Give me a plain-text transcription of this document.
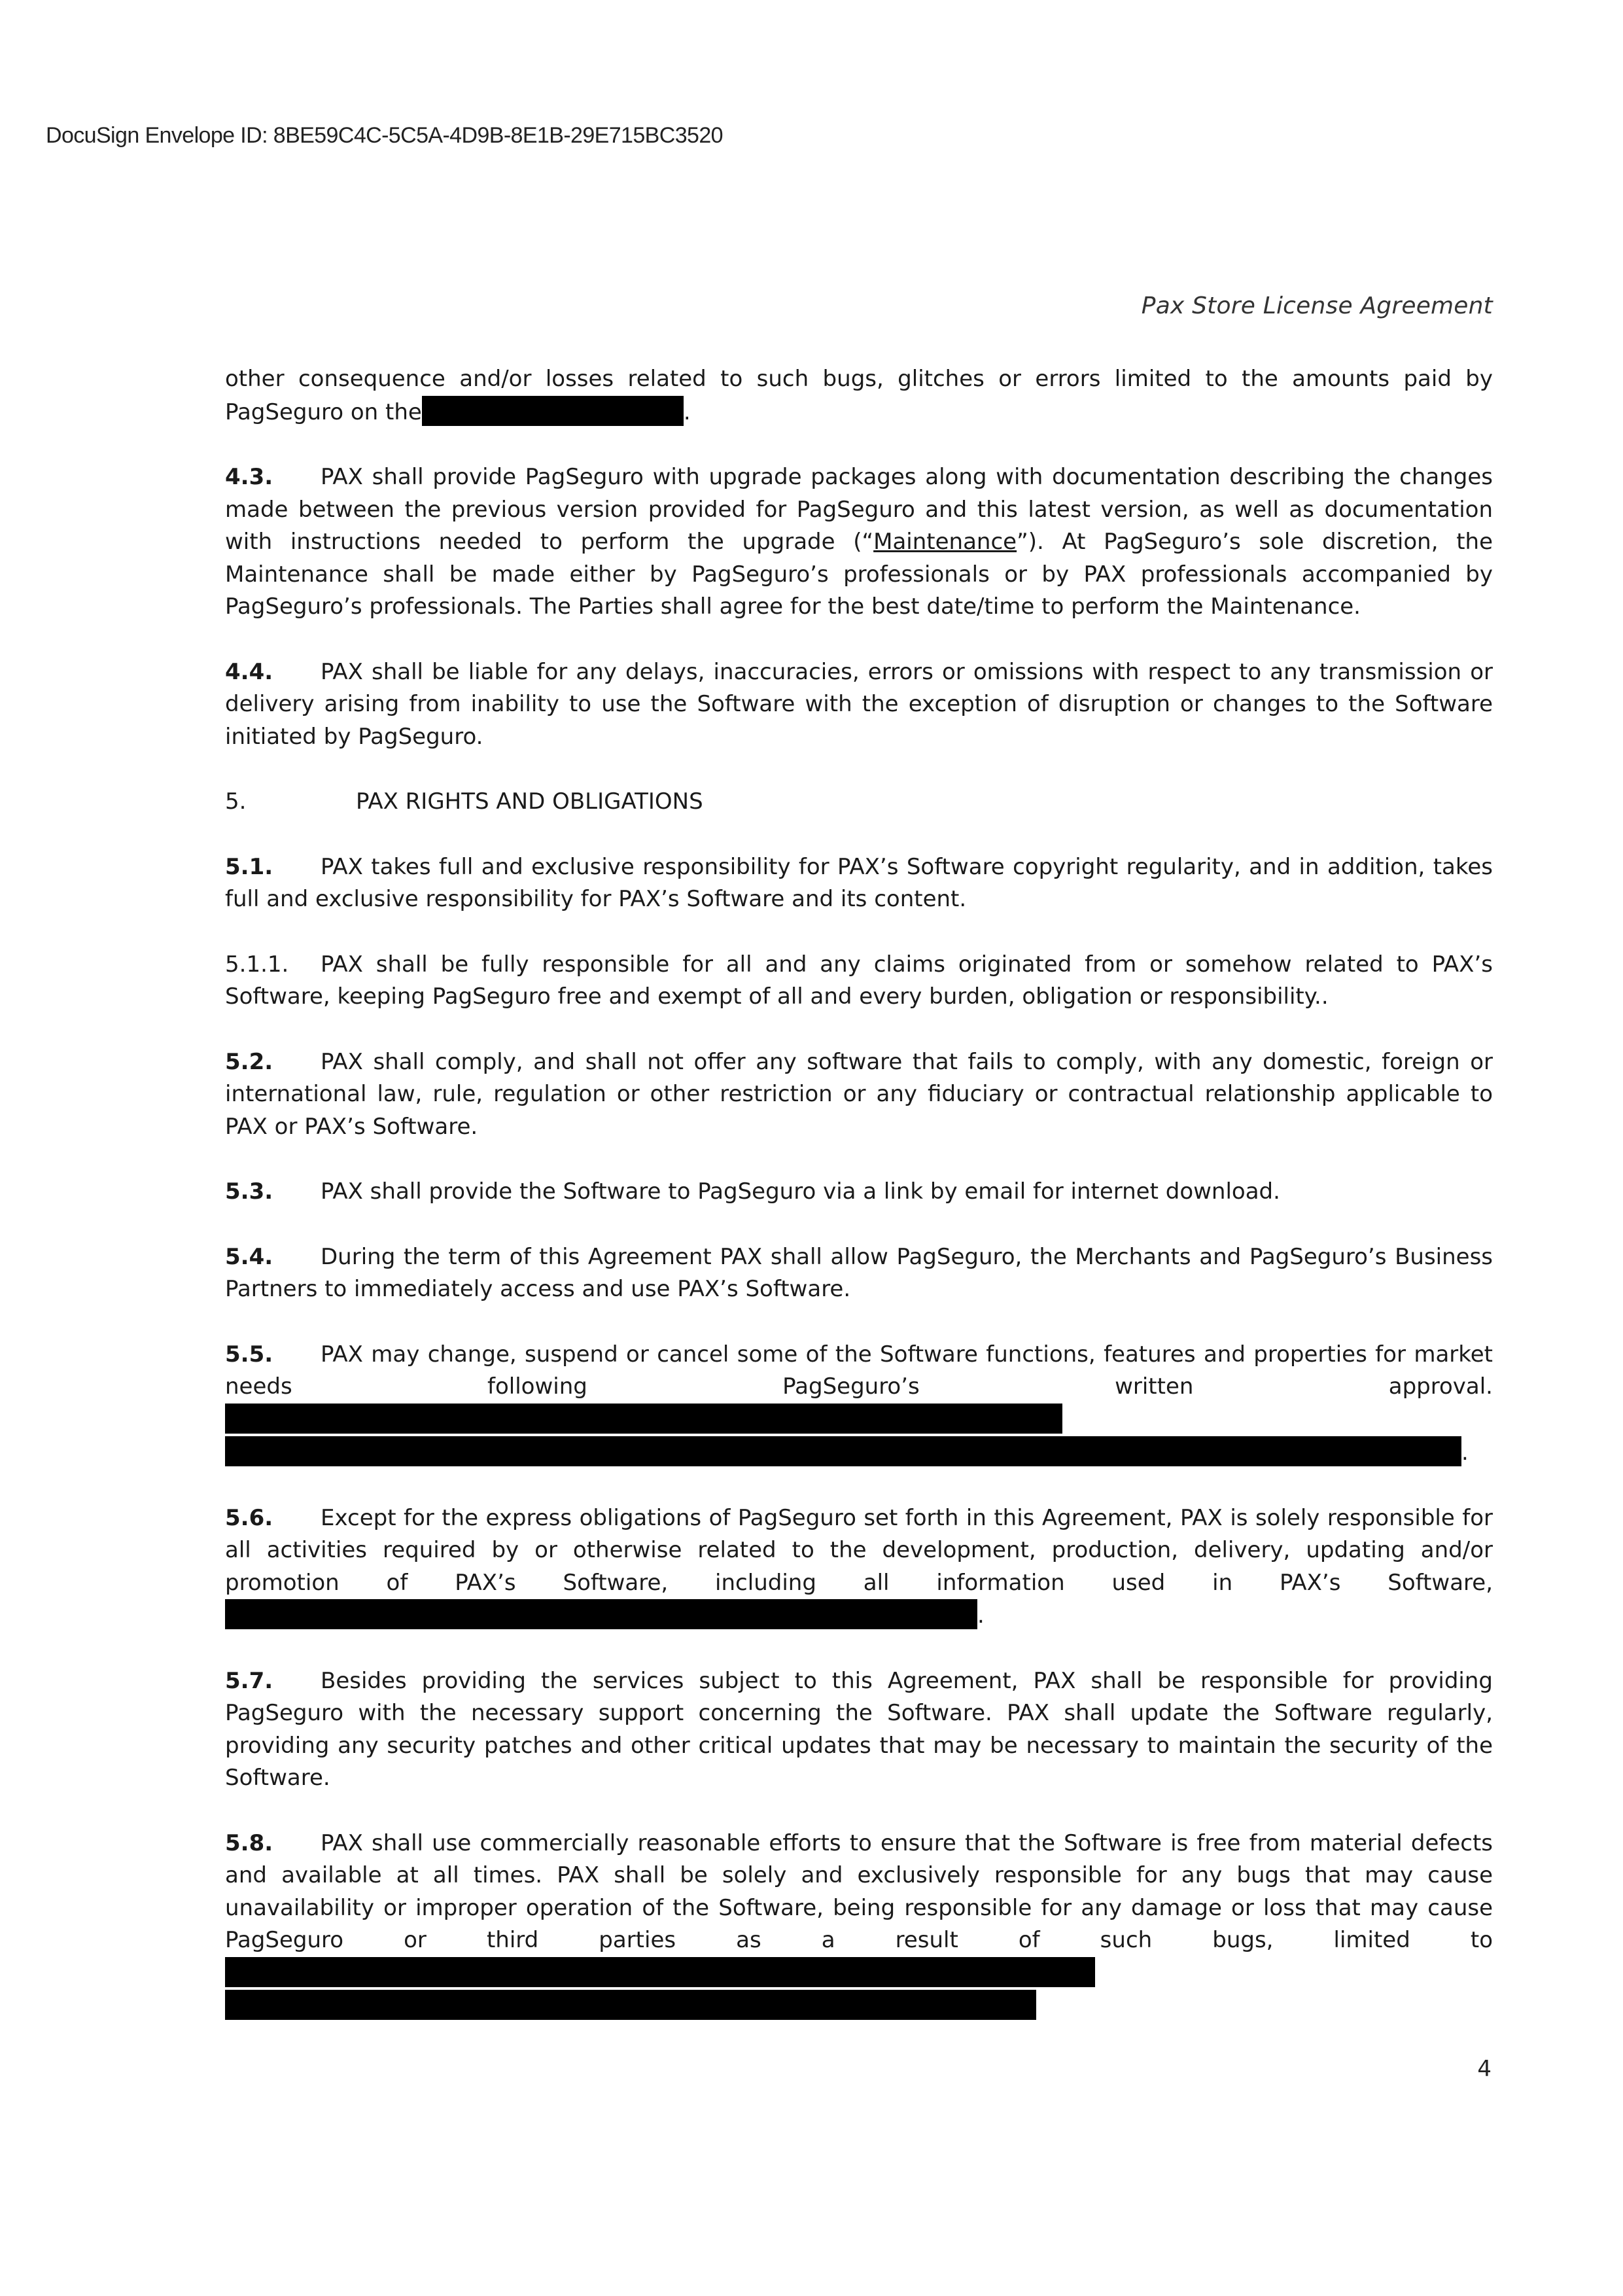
DocuSign Envelope ID: 8BE59C4C-5C5A-4D9B-8E1B-29E715BC3520
Pax Store License Agreement

other consequence and/or losses related to such bugs, glitches or errors limited to the amounts paid by PagSeguro on the	.

4.3. PAX shall provide PagSeguro with upgrade packages along with documentation describing the changes made between the previous version provided for PagSeguro and this latest version, as well as documentation with instructions needed to perform the upgrade (“Maintenance”). At PagSeguro’s sole discretion, the Maintenance shall be made either by PagSeguro’s professionals or by PAX professionals accompanied by PagSeguro’s professionals. The Parties shall agree for the best date/time to perform the Maintenance.

4.4. PAX shall be liable for any delays, inaccuracies, errors or omissions with respect to any transmission or delivery arising from inability to use the Software with the exception of disruption or changes to the Software initiated by PagSeguro.

5.	PAX RIGHTS AND OBLIGATIONS

5.1. PAX takes full and exclusive responsibility for PAX’s Software copyright regularity, and in addition, takes full and exclusive responsibility for PAX’s Software and its content.

5.1.1. PAX shall be fully responsible for all and any claims originated from or somehow related to PAX’s Software, keeping PagSeguro free and exempt of all and every burden, obligation or responsibility..

5.2. PAX shall comply, and shall not offer any software that fails to comply, with any domestic, foreign or international law, rule, regulation or other restriction or any fiduciary or contractual relationship applicable to PAX or PAX’s Software.

5.3. PAX shall provide the Software to PagSeguro via a link by email for internet download.

5.4. During the term of this Agreement PAX shall allow PagSeguro, the Merchants and PagSeguro’s Business Partners to immediately access and use PAX’s Software.

5.5. PAX may change, suspend or cancel some of the Software functions, features and properties for market needs following PagSeguro’s written approval..

5.6. Except for the express obligations of PagSeguro set forth in this Agreement, PAX is solely responsible for all activities required by or otherwise related to the development, production, delivery, updating and/or promotion of PAX’s Software, including all information used in PAX’s Software,.

5.7. Besides providing the services subject to this Agreement, PAX shall be responsible for providing PagSeguro with the necessary support concerning the Software. PAX shall update the Software regularly, providing any security patches and other critical updates that may be necessary to maintain the security of the Software.

5.8. PAX shall use commercially reasonable efforts to ensure that the Software is free from material defects and available at all times. PAX shall be solely and exclusively responsible for any bugs that may cause unavailability or improper operation of the Software, being responsible for any damage or loss that may cause PagSeguro or third parties as a result of such bugs, limited to

4
